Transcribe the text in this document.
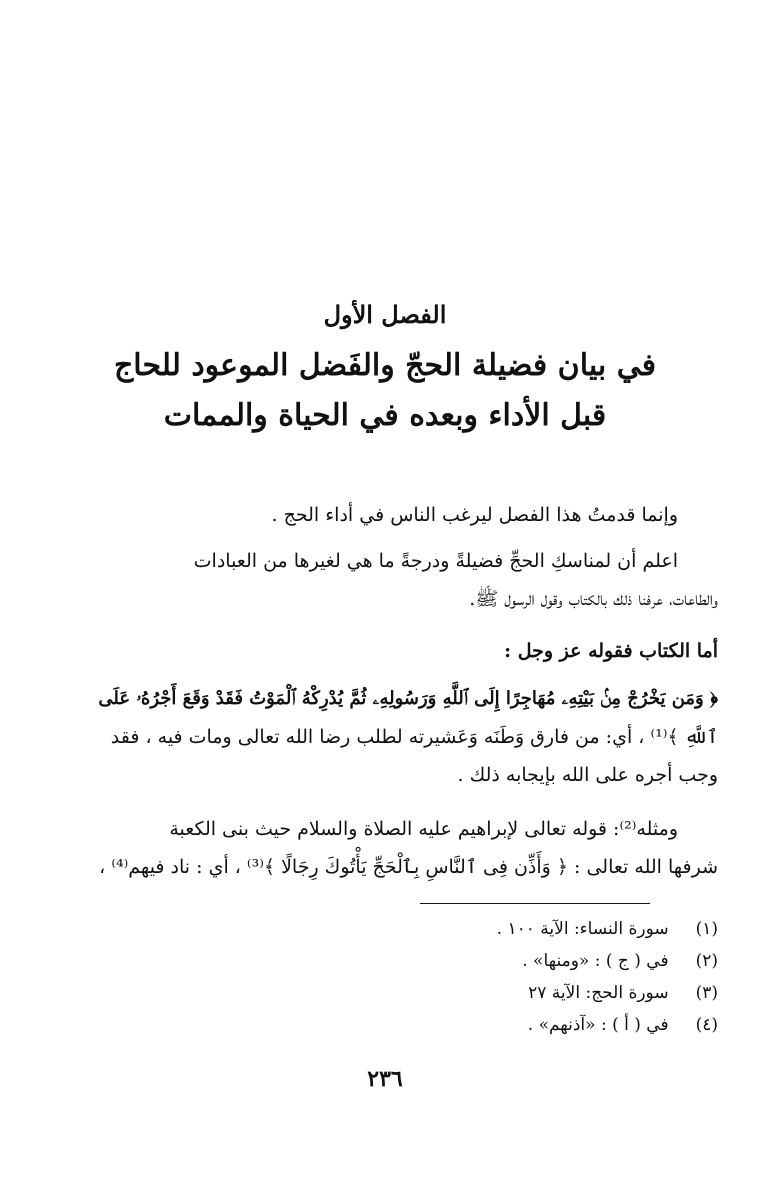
الفصل الأول
في بيان فضيلة الحجّ والفَضل الموعود للحاج
قبل الأداء وبعده في الحياة والممات
وإنما قدمتُ هذا الفصل ليرغب الناس في أداء الحج .
اعلم أن لمناسكِ الحجِّ فضيلةً ودرجةً ما هي لغيرها من العبادات
والطاعات، عرفنا ذلك بالكتاب وقول الرسول ﷺ.
أما الكتاب فقوله عز وجل :
﴿ وَمَن يَخْرُجْ مِنۢ بَيْتِهِۦ مُهَاجِرًا إِلَى ٱللَّهِ وَرَسُولِهِۦ ثُمَّ يُدْرِكْهُ ٱلْمَوْتُ فَقَدْ وَقَعَ أَجْرُهُۥ عَلَى
ٱللَّهِ ﴾⁽¹⁾ ، أي: من فارق وَطَنَه وَعَشيرته لطلب رضا الله تعالى ومات فيه ، فقد
وجب أجره على الله بإيجابه ذلك .
ومثله⁽²⁾: قوله تعالى لإبراهيم عليه الصلاة والسلام حيث بنى الكعبة
شرفها الله تعالى : ﴿ وَأَذِّن فِى ٱلنَّاسِ بِٱلْحَجِّ يَأْتُوكَ رِجَالًا ﴾⁽³⁾ ، أي : ناد فيهم⁽⁴⁾ ،
(١) سورة النساء: الآية ١٠٠ .
(٢) في ( ج ) : «ومنها» .
(٣) سورة الحج: الآية ٢٧
(٤) في ( أ ) : «آذنهم» .
٢٣٦
